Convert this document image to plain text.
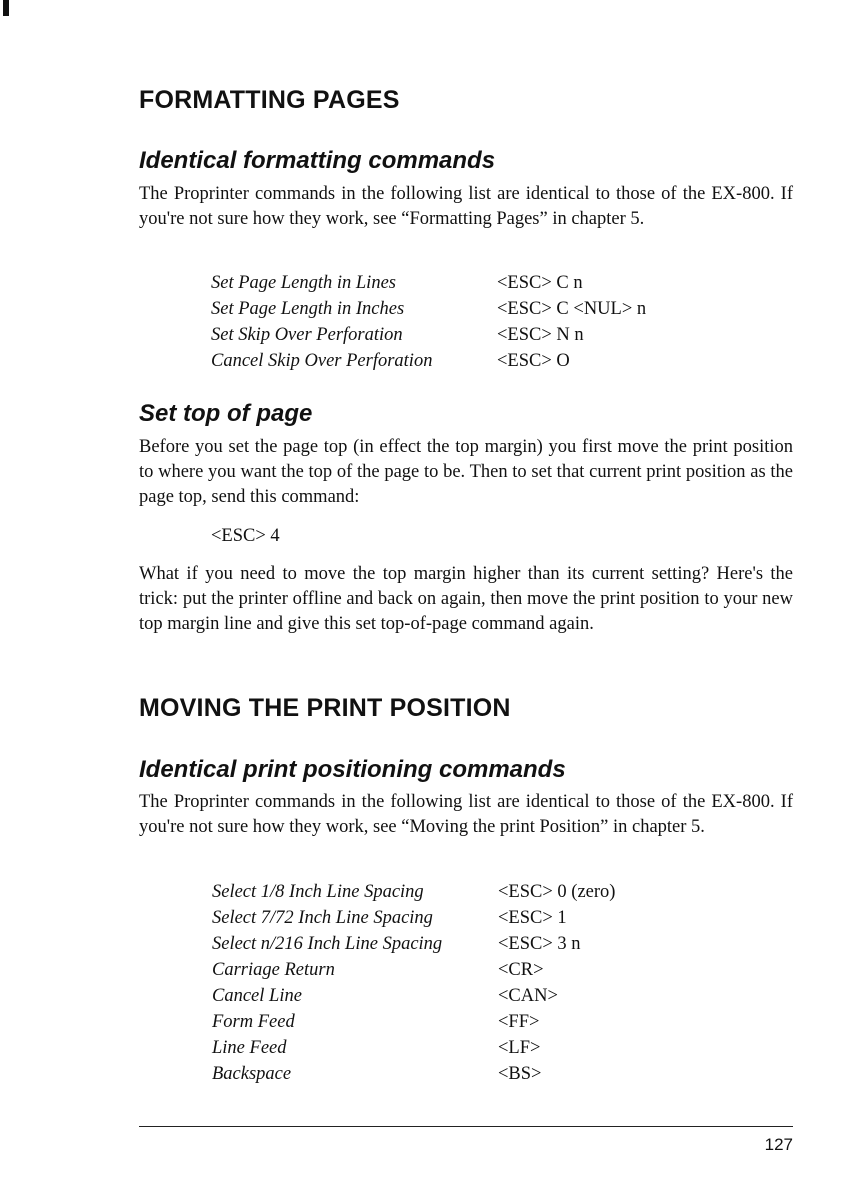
FORMATTING PAGES
Identical formatting commands
The Proprinter commands in the following list are identical to those of the EX-800. If you're not sure how they work, see “Formatting Pages” in chapter 5.
Set Page Length in Lines	<ESC> C n
Set Page Length in Inches	<ESC> C <NUL> n
Set Skip Over Perforation	<ESC> N n
Cancel Skip Over Perforation	<ESC> O
Set top of page
Before you set the page top (in effect the top margin) you first move the print position to where you want the top of the page to be. Then to set that current print position as the page top, send this command:
<ESC> 4
What if you need to move the top margin higher than its current setting? Here's the trick: put the printer offline and back on again, then move the print position to your new top margin line and give this set top-of-page command again.
MOVING THE PRINT POSITION
Identical print positioning commands
The Proprinter commands in the following list are identical to those of the EX-800. If you're not sure how they work, see “Moving the print Position” in chapter 5.
Select 1/8 Inch Line Spacing	<ESC> 0 (zero)
Select 7/72 Inch Line Spacing	<ESC> 1
Select n/216 Inch Line Spacing	<ESC> 3 n
Carriage Return	<CR>
Cancel Line	<CAN>
Form Feed	<FF>
Line Feed	<LF>
Backspace	<BS>
127
